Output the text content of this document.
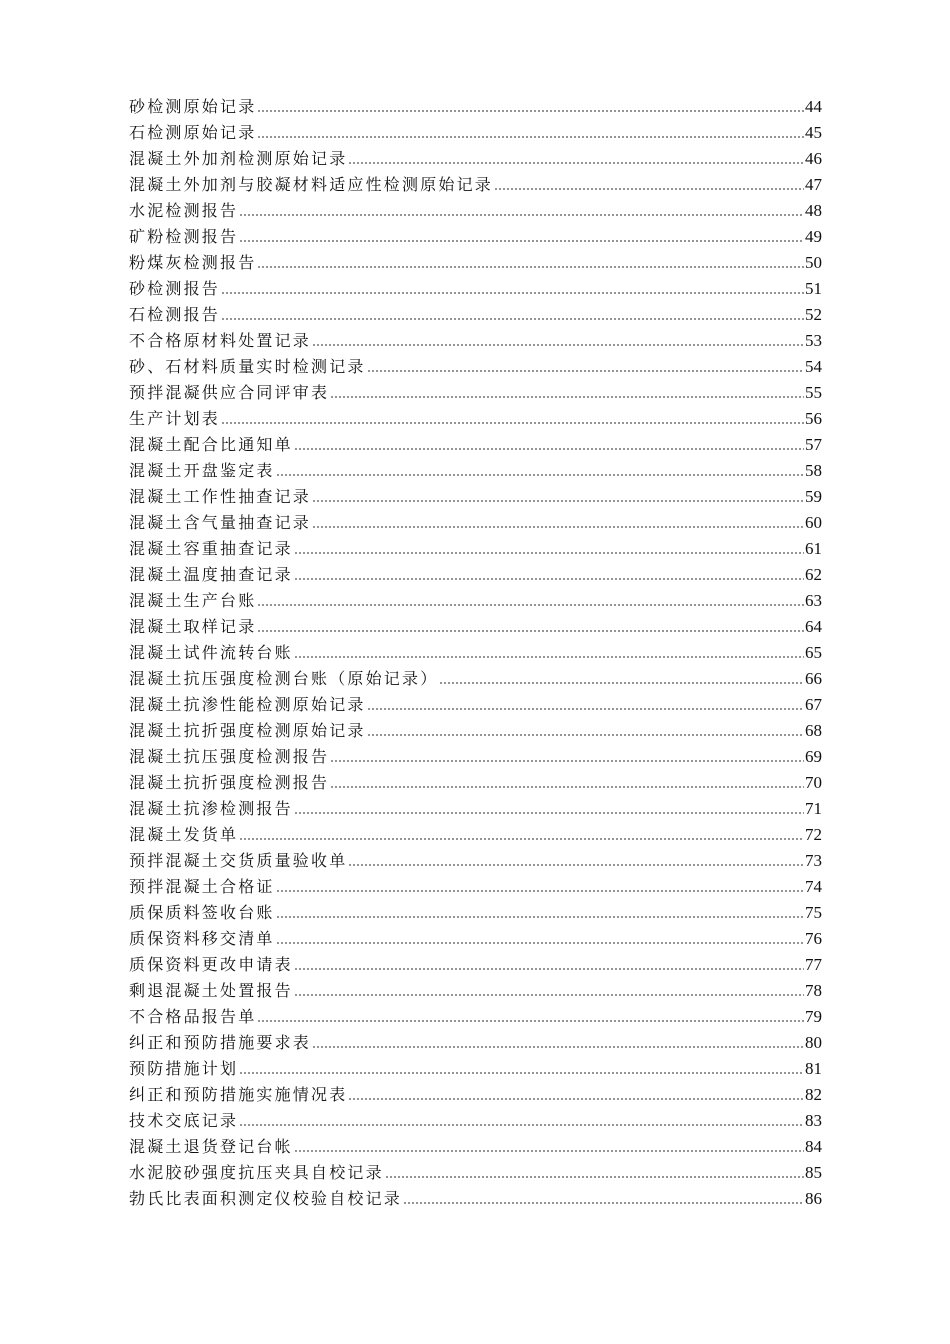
砂检测原始记录	44
石检测原始记录	45
混凝土外加剂检测原始记录	46
混凝土外加剂与胶凝材料适应性检测原始记录	47
水泥检测报告	48
矿粉检测报告	49
粉煤灰检测报告	50
砂检测报告	51
石检测报告	52
不合格原材料处置记录	53
砂、石材料质量实时检测记录	54
预拌混凝供应合同评审表	55
生产计划表	56
混凝土配合比通知单	57
混凝土开盘鉴定表	58
混凝土工作性抽查记录	59
混凝土含气量抽查记录	60
混凝土容重抽查记录	61
混凝土温度抽查记录	62
混凝土生产台账	63
混凝土取样记录	64
混凝土试件流转台账	65
混凝土抗压强度检测台账（原始记录）	66
混凝土抗渗性能检测原始记录	67
混凝土抗折强度检测原始记录	68
混凝土抗压强度检测报告	69
混凝土抗折强度检测报告	70
混凝土抗渗检测报告	71
混凝土发货单	72
预拌混凝土交货质量验收单	73
预拌混凝土合格证	74
质保质料签收台账	75
质保资料移交清单	76
质保资料更改申请表	77
剩退混凝土处置报告	78
不合格品报告单	79
纠正和预防措施要求表	80
预防措施计划	81
纠正和预防措施实施情况表	82
技术交底记录	83
混凝土退货登记台帐	84
水泥胶砂强度抗压夹具自校记录	85
勃氏比表面积测定仪校验自校记录	86
